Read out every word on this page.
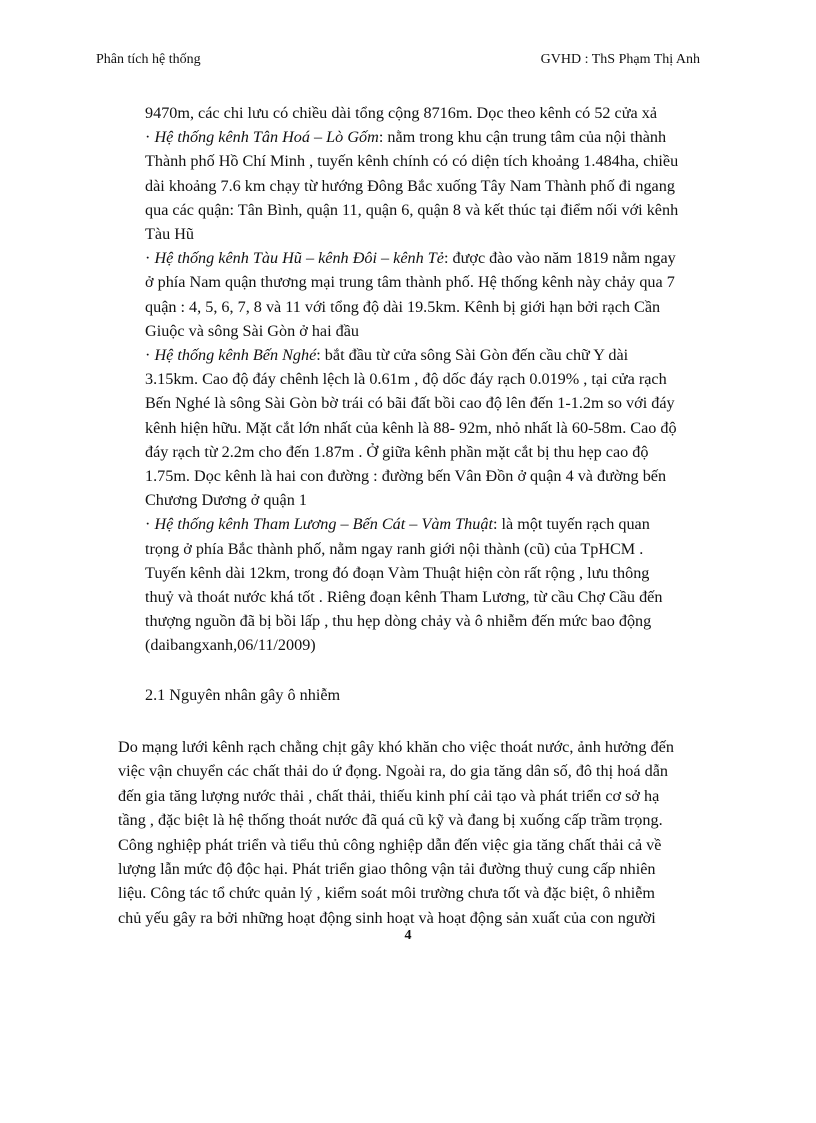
Phân tích hệ thống	GVHD : ThS Phạm Thị Anh
9470m, các chi lưu có chiều dài tổng cộng 8716m. Dọc theo kênh có 52 cửa xả
· Hệ thống kênh Tân Hoá – Lò Gốm: nằm trong khu cận trung tâm của nội thành
Thành phố Hồ Chí Minh , tuyến kênh chính có có diện tích khoảng 1.484ha, chiều
dài khoảng 7.6 km chạy từ hướng Đông Bắc xuống Tây Nam Thành phố đi ngang
qua các quận: Tân Bình, quận 11, quận 6, quận 8 và kết thúc tại điểm nối với kênh
Tàu Hũ
· Hệ thống kênh Tàu Hũ – kênh Đôi – kênh Tẻ: được đào vào năm 1819 nằm ngay
ở phía Nam quận thương mại trung tâm thành phố. Hệ thống kênh này chảy qua 7
quận : 4, 5, 6, 7, 8 và 11 với tổng độ dài 19.5km. Kênh bị giới hạn bởi rạch Cần
Giuộc và sông Sài Gòn ở hai đầu
· Hệ thống kênh Bến Nghé: bắt đầu từ cửa sông Sài Gòn đến cầu chữ Y dài
3.15km. Cao độ đáy chênh lệch là 0.61m , độ dốc đáy rạch 0.019% , tại cửa rạch
Bến Nghé là sông Sài Gòn bờ trái có bãi đất bồi cao độ lên đến 1-1.2m so với đáy
kênh hiện hữu. Mặt cắt lớn nhất của kênh là 88- 92m, nhỏ nhất là 60-58m. Cao độ
đáy rạch từ 2.2m cho đến 1.87m . Ở giữa kênh phần mặt cắt bị thu hẹp cao độ
1.75m. Dọc kênh là hai con đường : đường bến Vân Đồn ở quận 4 và đường bến
Chương Dương ở quận 1
· Hệ thống kênh Tham Lương – Bến Cát – Vàm Thuật: là một tuyến rạch quan
trọng ở phía Bắc thành phố, nằm ngay ranh giới nội thành (cũ) của TpHCM .
Tuyến kênh dài 12km, trong đó đoạn Vàm Thuật hiện còn rất rộng , lưu thông
thuỷ và thoát nước khá tốt . Riêng đoạn kênh Tham Lương, từ cầu Chợ Cầu đến
thượng nguồn đã bị bồi lấp , thu hẹp dòng chảy và ô nhiễm đến mức bao động
(daibangxanh,06/11/2009)
2.1 Nguyên nhân gây ô nhiễm
Do mạng lưới kênh rạch chằng chịt gây khó khăn cho việc thoát nước, ảnh hưởng đến
việc vận chuyển các chất thải do ứ đọng. Ngoài ra, do gia tăng dân số, đô thị hoá dẫn
đến gia tăng lượng nước thải , chất thải, thiếu kinh phí cải tạo và phát triển cơ sở hạ
tầng , đặc biệt là hệ thống thoát nước đã quá cũ kỹ và đang bị xuống cấp trầm trọng.
Công nghiệp phát triển và tiểu thủ công nghiệp dẫn đến việc gia tăng chất thải cả về
lượng lẫn mức độ độc hại. Phát triển giao thông vận tải đường thuỷ cung cấp nhiên
liệu. Công tác tổ chức quản lý , kiểm soát môi trường chưa tốt và đặc biệt, ô nhiễm
chủ yếu gây ra bởi những hoạt động sinh hoạt và hoạt động sản xuất của con người
4
